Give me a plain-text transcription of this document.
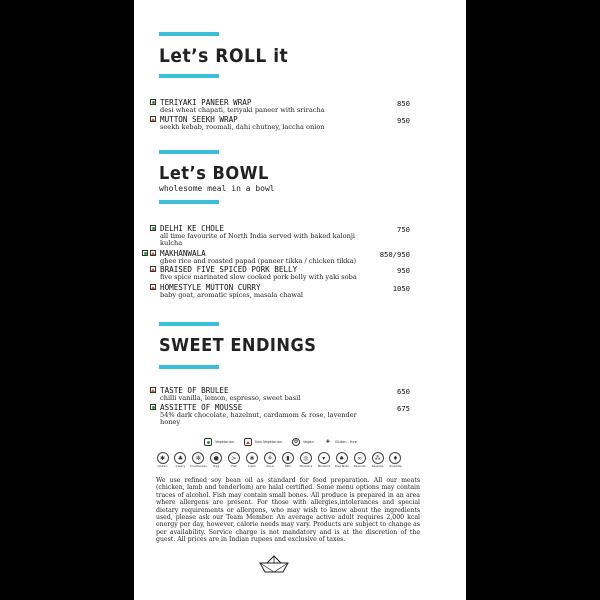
Let’s ROLL it
TERIYAKI PANEER WRAP
desi wheat chapati, teriyaki paneer with sriracha
850
MUTTON SEEKH WRAP
seekh kebab, roomali, dahi chutney, laccha onion
950
Let’s BOWL
wholesome meal in a bowl
DELHI KE CHOLE
all time favourite of North India served with baked kalonji kulcha
750
MAKHANWALA
ghee rice and roasted papad (paneer tikka / chicken tikka)
850/950
BRAISED FIVE SPICED PORK BELLY
five spice marinated slow cooked pork belly with yaki soba
950
HOMESTYLE MUTTON CURRY
baby goat, aromatic spices, masala chawal
1050
SWEET ENDINGS
TASTE OF BRULEE
chilli vanilla, lemon, espresso, sweet basil
650
ASSIETTE OF MOUSSE
54% dark chocolate, hazelnut, cardamom & rose, lavender honey
675
Vegetarian	Non-Vegetarian	✿	Vegan	✚	Gluten - free
✱
Gluten
♣
Celery
✻
Crustacean
●
Egg
≻
Fish
❀
Lupin
⚘
Soya
▮
Milk
◎
Molluscs
▾
Mustard
♠
Tree Nuts
∞
Peanuts
⁂
Sesame
♦
Sulphite
We use refined soy bean oil as standard for food preparation. All our meats (chicken, lamb and tenderloin) are halal certified. Some menu options may contain traces of alcohol. Fish may contain small bones. All produce is prepared in an area where allergens are present. For those with allergies,intolerances and special dietary requirements or allergens, who may wish to know about the ingredients used, please ask our Team Member. An average active adult requires 2,000 kcal energy per day, however, calorie needs may vary. Products are subject to change as per availability. Service charge is not mandatory and is at the discretion of the guest. All prices are in Indian rupees and exclusive of taxes.
